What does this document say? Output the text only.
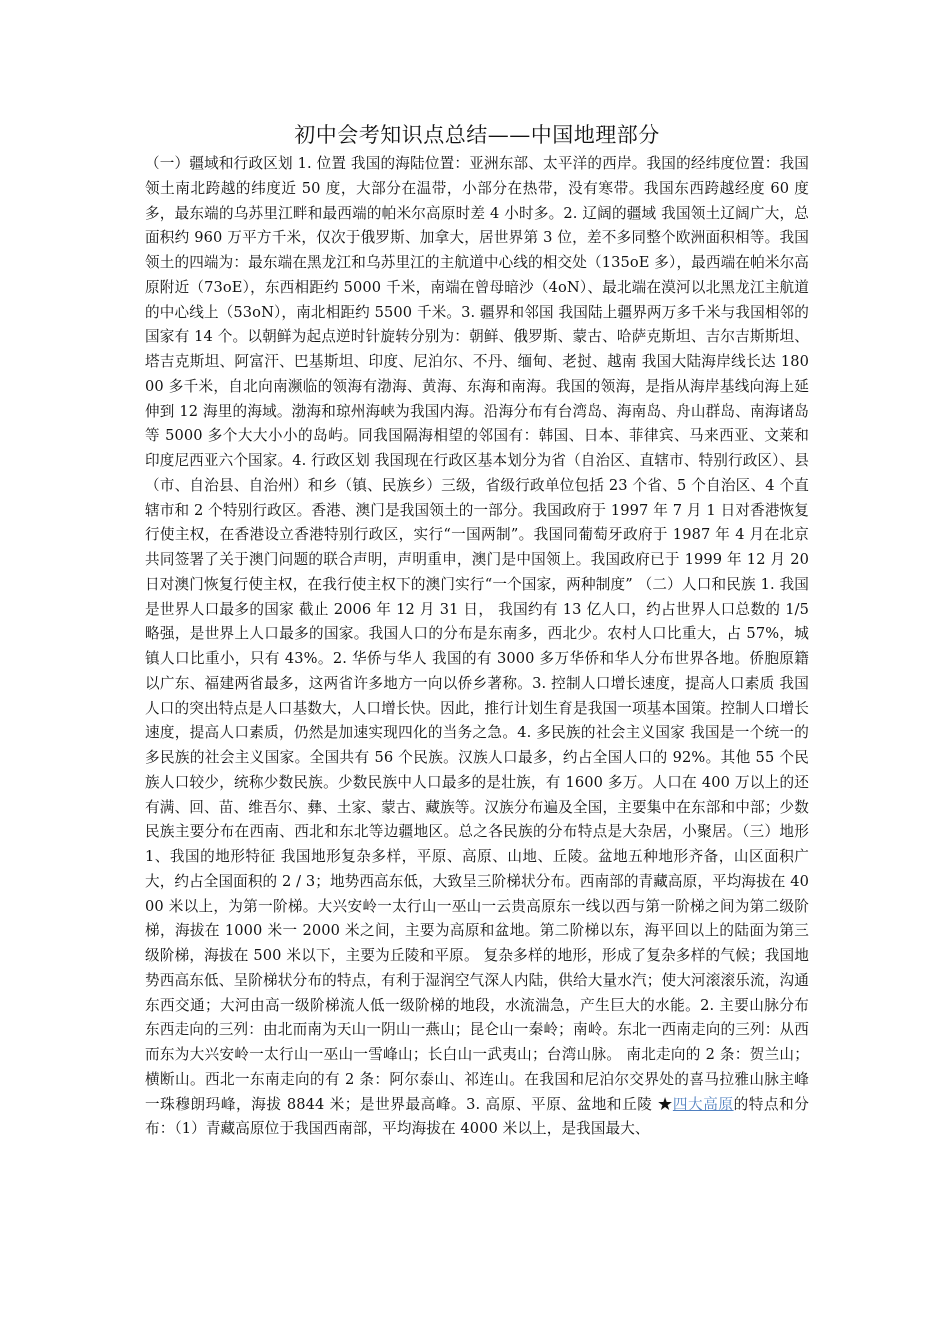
初中会考知识点总结——中国地理部分

（一）疆域和行政区划 1. 位置 我国的海陆位置：亚洲东部、太平洋的西岸。我国的经纬度位置：我国领土南北跨越的纬度近 50 度，大部分在温带，小部分在热带，没有寒带。我国东西跨越经度 60 度多，最东端的乌苏里江畔和最西端的帕米尔高原时差 4 小时多。2. 辽阔的疆域 我国领土辽阔广大，总面积约 960 万平方千米，仅次于俄罗斯、加拿大，居世界第 3 位，差不多同整个欧洲面积相等。我国领土的四端为：最东端在黑龙江和乌苏里江的主航道中心线的相交处（135oE 多），最西端在帕米尔高原附近（73oE），东西相距约 5000 千米，南端在曾母暗沙（4oN）、最北端在漠河以北黑龙江主航道的中心线上（53oN），南北相距约 5500 千米。3. 疆界和邻国 我国陆上疆界两万多千米与我国相邻的国家有 14 个。以朝鲜为起点逆时针旋转分别为：朝鲜、俄罗斯、蒙古、哈萨克斯坦、吉尔吉斯斯坦、塔吉克斯坦、阿富汗、巴基斯坦、印度、尼泊尔、不丹、缅甸、老挝、越南 我国大陆海岸线长达 18000 多千米，自北向南濒临的领海有渤海、黄海、东海和南海。我国的领海，是指从海岸基线向海上延伸到 12 海里的海域。渤海和琼州海峡为我国内海。沿海分布有台湾岛、海南岛、舟山群岛、南海诸岛等 5000 多个大大小小的岛屿。同我国隔海相望的邻国有：韩国、日本、菲律宾、马来西亚、文莱和印度尼西亚六个国家。4. 行政区划 我国现在行政区基本划分为省（自治区、直辖市、特别行政区）、县（市、自治县、自治州）和乡（镇、民族乡）三级，省级行政单位包括 23 个省、5 个自治区、4 个直辖市和 2 个特别行政区。香港、澳门是我国领土的一部分。我国政府于 1997 年 7 月 1 日对香港恢复行使主权，在香港设立香港特别行政区，实行“一国两制”。我国同葡萄牙政府于 1987 年 4 月在北京共同签署了关于澳门问题的联合声明，声明重申，澳门是中国领上。我国政府已于 1999 年 12 月 20 日对澳门恢复行使主权，在我行使主权下的澳门实行“一个国家，两种制度” （二）人口和民族 1. 我国是世界人口最多的国家 截止 2006 年 12 月 31 日， 我国约有 13 亿人口，约占世界人口总数的 1/5 略强，是世界上人口最多的国家。我国人口的分布是东南多，西北少。农村人口比重大，占 57%，城镇人口比重小，只有 43%。2. 华侨与华人 我国的有 3000 多万华侨和华人分布世界各地。侨胞原籍以广东、福建两省最多，这两省许多地方一向以侨乡著称。3. 控制人口增长速度，提高人口素质 我国人口的突出特点是人口基数大，人口增长快。因此，推行计划生育是我国一项基本国策。控制人口增长速度，提高人口素质，仍然是加速实现四化的当务之急。4. 多民族的社会主义国家 我国是一个统一的多民族的社会主义国家。全国共有 56 个民族。汉族人口最多，约占全国人口的 92%。其他 55 个民族人口较少，统称少数民族。少数民族中人口最多的是壮族，有 1600 多万。人口在 400 万以上的还有满、回、苗、维吾尔、彝、土家、蒙古、藏族等。汉族分布遍及全国，主要集中在东部和中部；少数民族主要分布在西南、西北和东北等边疆地区。总之各民族的分布特点是大杂居，小聚居。（三）地形 1、我国的地形特征 我国地形复杂多样，平原、高原、山地、丘陵。盆地五种地形齐备，山区面积广大，约占全国面积的 2 / 3；地势西高东低，大致呈三阶梯状分布。西南部的青藏高原，平均海拔在 4000 米以上，为第一阶梯。大兴安岭一太行山一巫山一云贵高原东一线以西与第一阶梯之间为第二级阶梯，海拔在 1000 米一 2000 米之间，主要为高原和盆地。第二阶梯以东，海平回以上的陆面为第三级阶梯，海拔在 500 米以下，主要为丘陵和平原。 复杂多样的地形，形成了复杂多样的气候；我国地势西高东低、呈阶梯状分布的特点，有利于湿润空气深人内陆，供给大量水汽；使大河滚滚乐流，沟通东西交通；大河由高一级阶梯流人低一级阶梯的地段，水流湍急，产生巨大的水能。2. 主要山脉分布 东西走向的三列：由北而南为天山一阴山一燕山；昆仑山一秦岭；南岭。东北一西南走向的三列：从西而东为大兴安岭一太行山一巫山一雪峰山；长白山一武夷山；台湾山脉。 南北走向的 2 条：贺兰山；横断山。西北一东南走向的有 2 条：阿尔泰山、祁连山。在我国和尼泊尔交界处的喜马拉雅山脉主峰一珠穆朗玛峰，海拔 8844 米；是世界最高峰。3. 高原、平原、盆地和丘陵 ★四大高原的特点和分布：（1）青藏高原位于我国西南部，平均海拔在 4000 米以上，是我国最大、
